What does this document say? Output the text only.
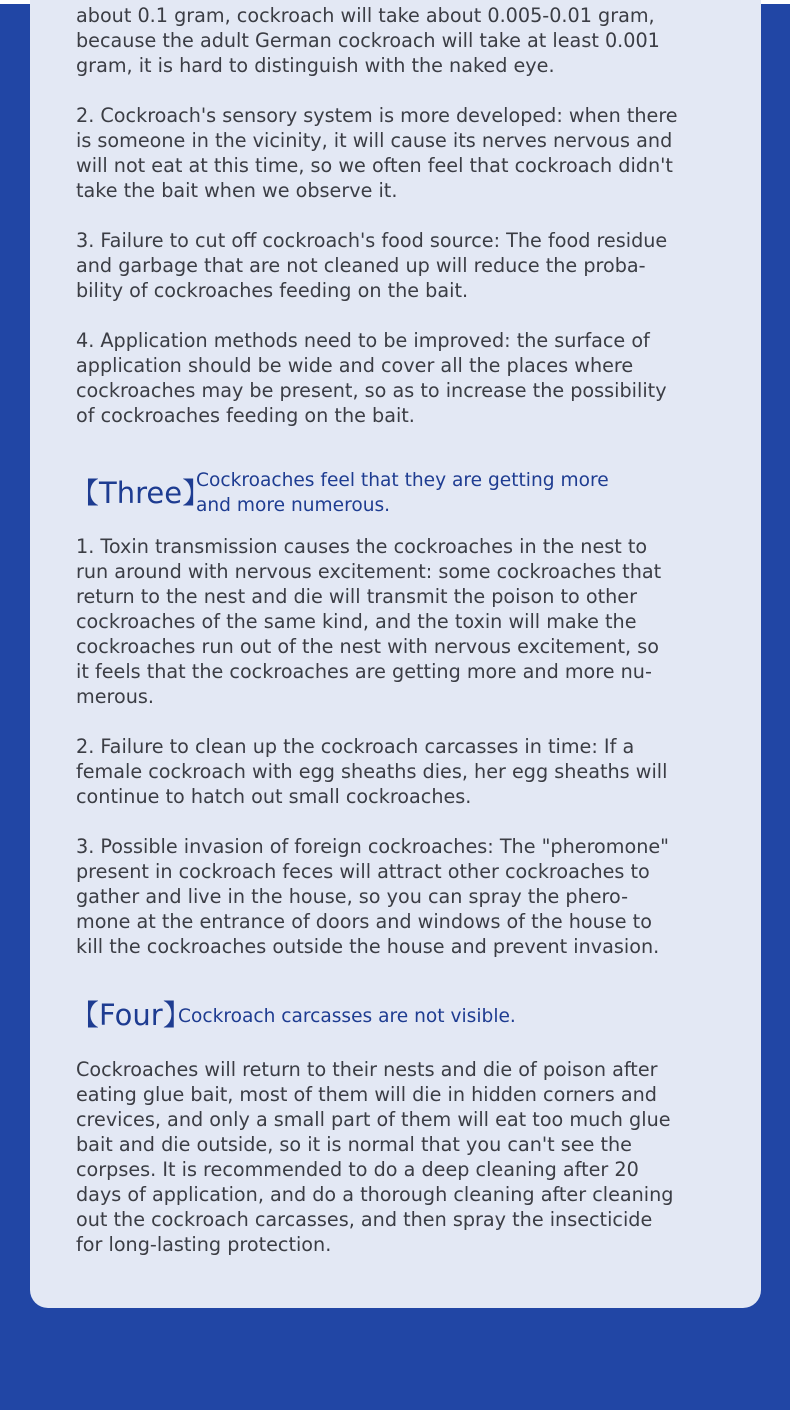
about 0.1 gram, cockroach will take about 0.005-0.01 gram,
because the adult German cockroach will take at least 0.001
gram, it is hard to distinguish with the naked eye.

2. Cockroach's sensory system is more developed: when there
is someone in the vicinity, it will cause its nerves nervous and
will not eat at this time, so we often feel that cockroach didn't
take the bait when we observe it.

3. Failure to cut off cockroach's food source: The food residue
and garbage that are not cleaned up will reduce the proba-
bility of cockroaches feeding on the bait.

4. Application methods need to be improved: the surface of
application should be wide and cover all the places where
cockroaches may be present, so as to increase the possibility
of cockroaches feeding on the bait.

【Three】
Cockroaches feel that they are getting more
and more numerous.

1. Toxin transmission causes the cockroaches in the nest to
run around with nervous excitement: some cockroaches that
return to the nest and die will transmit the poison to other
cockroaches of the same kind, and the toxin will make the
cockroaches run out of the nest with nervous excitement, so
it feels that the cockroaches are getting more and more nu-
merous.

2. Failure to clean up the cockroach carcasses in time: If a
female cockroach with egg sheaths dies, her egg sheaths will
continue to hatch out small cockroaches.

3. Possible invasion of foreign cockroaches: The "pheromone"
present in cockroach feces will attract other cockroaches to
gather and live in the house, so you can spray the phero-
mone at the entrance of doors and windows of the house to
kill the cockroaches outside the house and prevent invasion.

【Four】
Cockroach carcasses are not visible.

Cockroaches will return to their nests and die of poison after
eating glue bait, most of them will die in hidden corners and
crevices, and only a small part of them will eat too much glue
bait and die outside, so it is normal that you can't see the
corpses. It is recommended to do a deep cleaning after 20
days of application, and do a thorough cleaning after cleaning
out the cockroach carcasses, and then spray the insecticide
for long-lasting protection.
